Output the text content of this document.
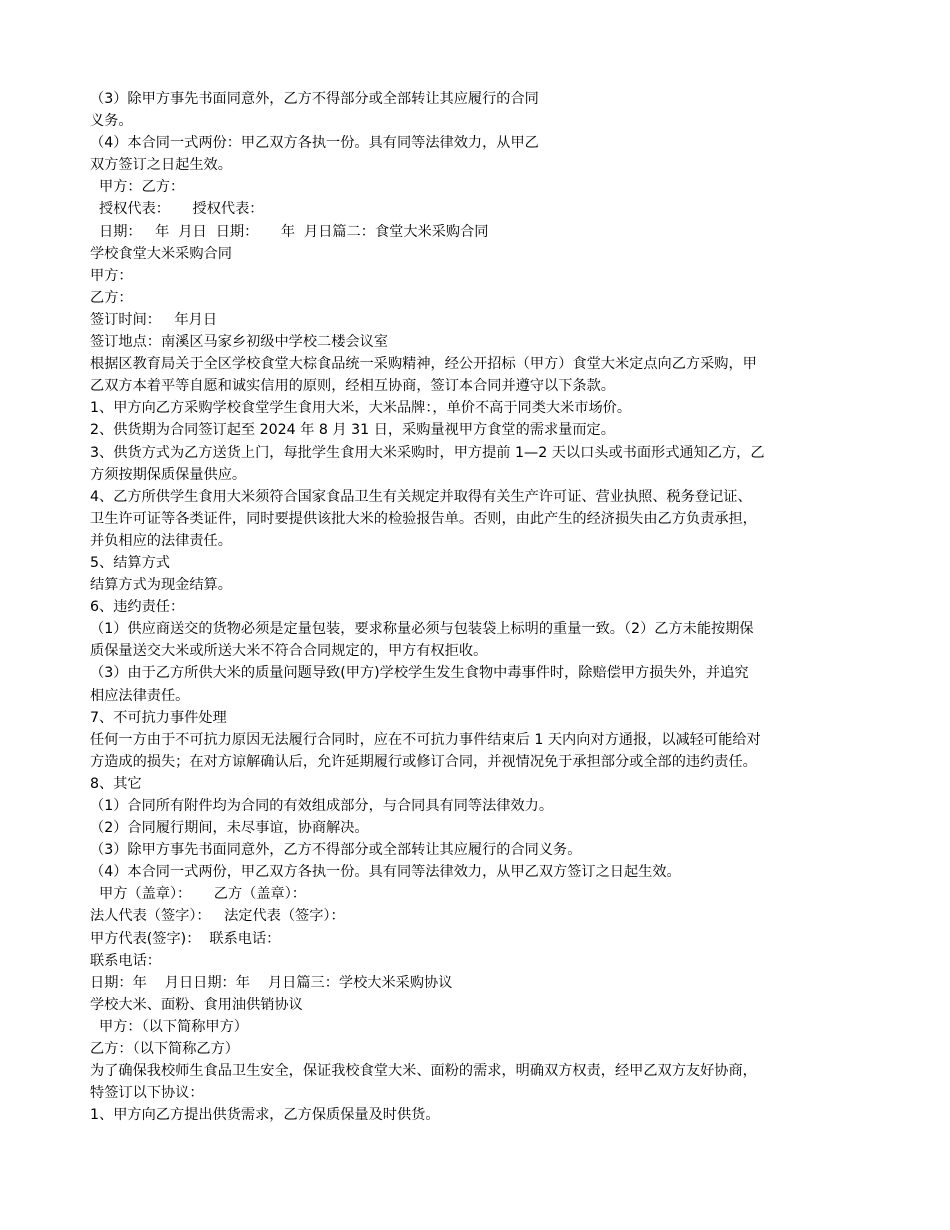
（3）除甲方事先书面同意外，乙方不得部分或全部转让其应履行的合同
义务。
（4）本合同一式两份：甲乙双方各执一份。具有同等法律效力，从甲乙
双方签订之日起生效。
甲方：乙方：
授权代表：     授权代表：
日期：   年  月日  日期：     年  月日篇二：食堂大米采购合同
学校食堂大米采购合同
甲方：
乙方：
签订时间：   年月日
签订地点：南溪区马家乡初级中学校二楼会议室
根据区教育局关于全区学校食堂大棕食品统一采购精神，经公开招标（甲方）食堂大米定点向乙方采购，甲
乙双方本着平等自愿和诚实信用的原则，经相互协商，签订本合同并遵守以下条款。
1、甲方向乙方采购学校食堂学生食用大米，大米品牌：，单价不高于同类大米市场价。
2、供货期为合同签订起至 2024 年 8 月 31 日，采购量视甲方食堂的需求量而定。
3、供货方式为乙方送货上门，每批学生食用大米采购时，甲方提前 1—2 天以口头或书面形式通知乙方，乙
方须按期保质保量供应。
4、乙方所供学生食用大米须符合国家食品卫生有关规定并取得有关生产许可证、营业执照、税务登记证、
卫生许可证等各类证件，同时要提供该批大米的检验报告单。否则，由此产生的经济损失由乙方负责承担，
并负相应的法律责任。
5、结算方式
结算方式为现金结算。
6、违约责任：
（1）供应商送交的货物必须是定量包装，要求称量必须与包装袋上标明的重量一致。（2）乙方未能按期保
质保量送交大米或所送大米不符合合同规定的，甲方有权拒收。
（3）由于乙方所供大米的质量问题导致(甲方)学校学生发生食物中毒事件时，除赔偿甲方损失外，并追究
相应法律责任。
7、不可抗力事件处理
任何一方由于不可抗力原因无法履行合同时，应在不可抗力事件结束后 1 天内向对方通报，以减轻可能给对
方造成的损失；在对方谅解确认后，允许延期履行或修订合同，并视情况免于承担部分或全部的违约责任。
8、其它
（1）合同所有附件均为合同的有效组成部分，与合同具有同等法律效力。
（2）合同履行期间，未尽事谊，协商解决。
（3）除甲方事先书面同意外，乙方不得部分或全部转让其应履行的合同义务。
（4）本合同一式两份，甲乙双方各执一份。具有同等法律效力，从甲乙双方签订之日起生效。
甲方（盖章）：     乙方（盖章）：
法人代表（签字）：   法定代表（签字）：
甲方代表(签字)：  联系电话：
联系电话：
日期：年    月日日期：年    月日篇三：学校大米采购协议
学校大米、面粉、食用油供销协议
甲方：（以下简称甲方）
乙方：（以下简称乙方）
为了确保我校师生食品卫生安全，保证我校食堂大米、面粉的需求，明确双方权责，经甲乙双方友好协商，
特签订以下协议：
1、甲方向乙方提出供货需求，乙方保质保量及时供货。
